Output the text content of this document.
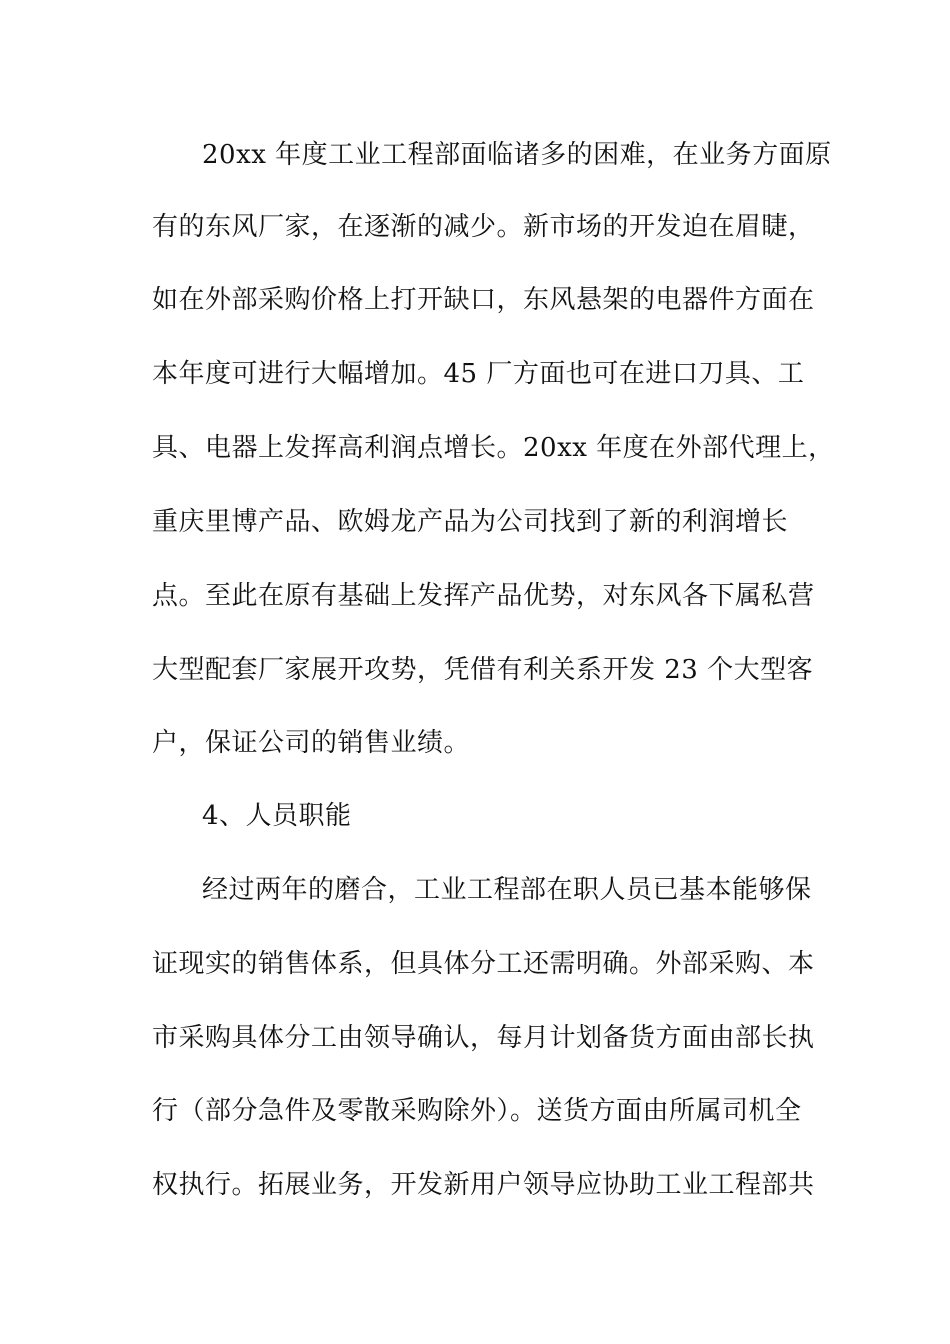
20xx 年度工业工程部面临诸多的困难，在业务方面原
有的东风厂家，在逐渐的减少。新市场的开发迫在眉睫，
如在外部采购价格上打开缺口，东风悬架的电器件方面在
本年度可进行大幅增加。45 厂方面也可在进口刀具、工
具、电器上发挥高利润点增长。20xx 年度在外部代理上，
重庆里博产品、欧姆龙产品为公司找到了新的利润增长
点。至此在原有基础上发挥产品优势，对东风各下属私营
大型配套厂家展开攻势，凭借有利关系开发 23 个大型客
户，保证公司的销售业绩。
4、人员职能
经过两年的磨合，工业工程部在职人员已基本能够保
证现实的销售体系，但具体分工还需明确。外部采购、本
市采购具体分工由领导确认，每月计划备货方面由部长执
行（部分急件及零散采购除外）。送货方面由所属司机全
权执行。拓展业务，开发新用户领导应协助工业工程部共
